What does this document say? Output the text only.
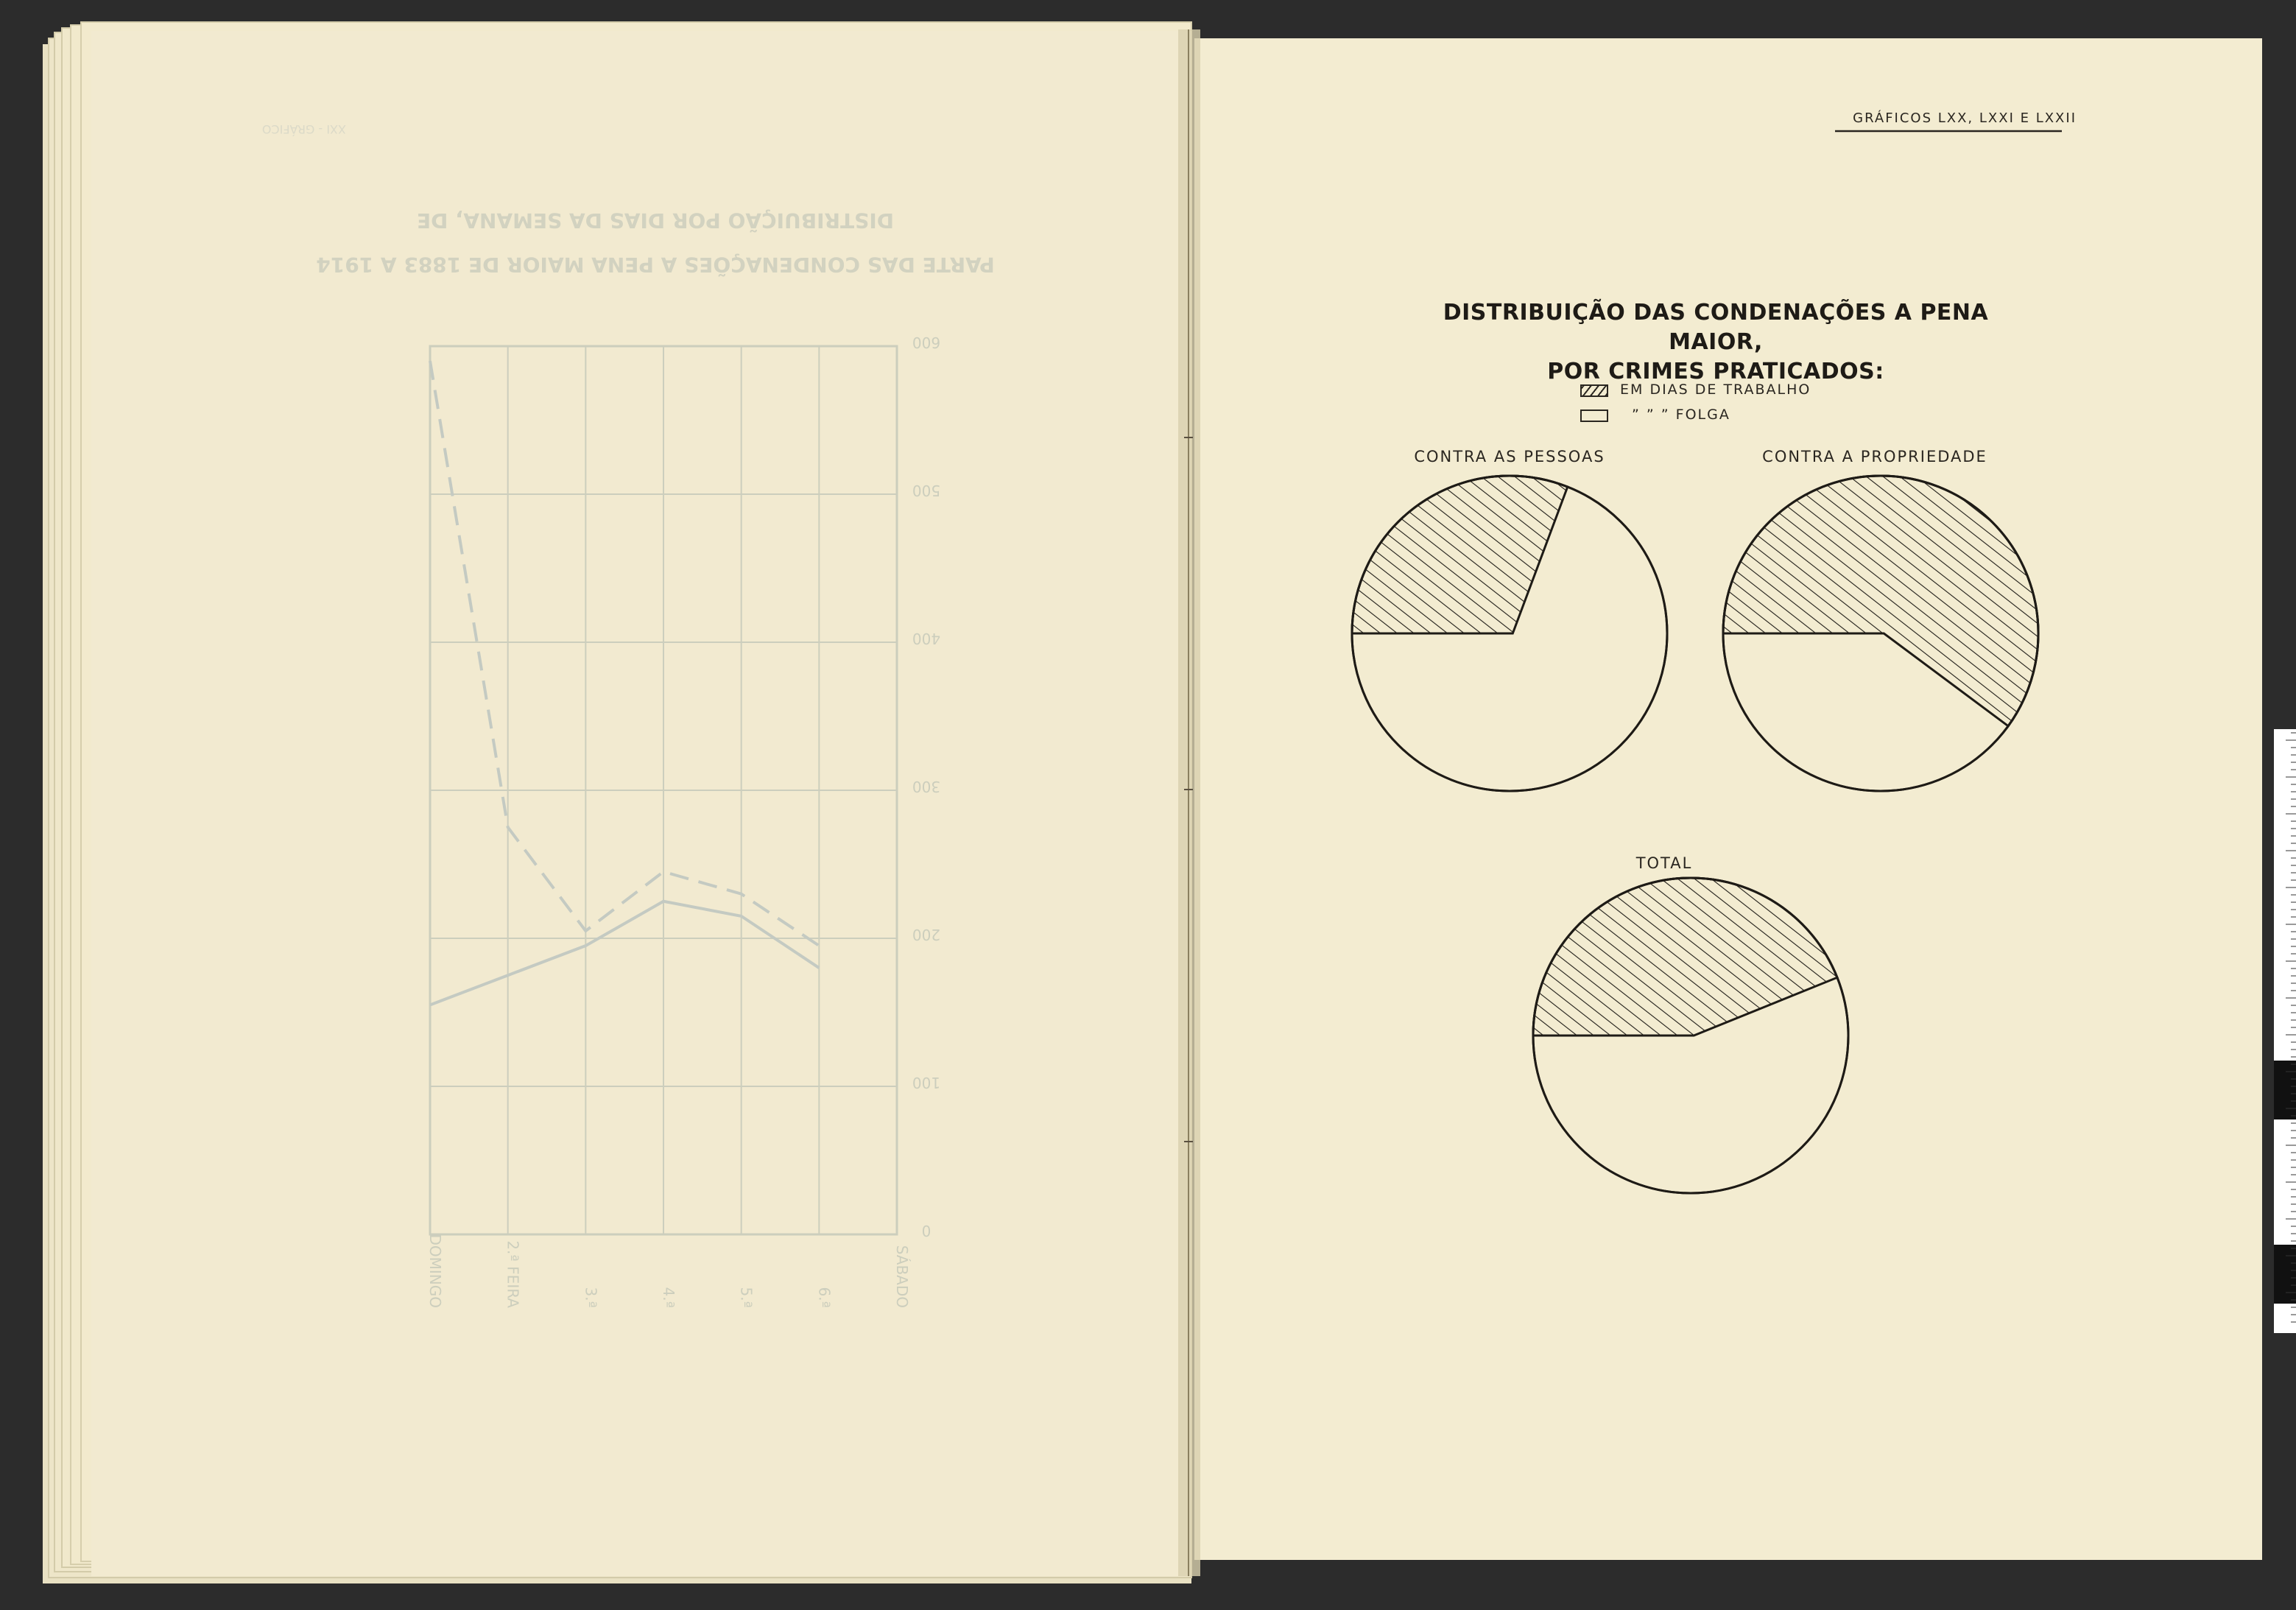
XXI - GRÁFICO
DISTRIBUIÇÃO POR DIAS DA SEMANA, DE
PARTE DAS CONDENAÇÕES A PENA MAIOR DE 1883 A 1914
DOMINGO	2.ª FEIRA	3.ª	4.ª	5.ª	6.ª	SÁBADO
600
500
400
300
200
100
0
GRÁFICOS LXX, LXXI E LXXII
DISTRIBUIÇÃO DAS CONDENAÇÕES A PENA MAIOR,
POR CRIMES PRATICADOS:
EM DIAS DE TRABALHO
” ” ” FOLGA
CONTRA AS PESSOAS	CONTRA A PROPRIEDADE
TOTAL
